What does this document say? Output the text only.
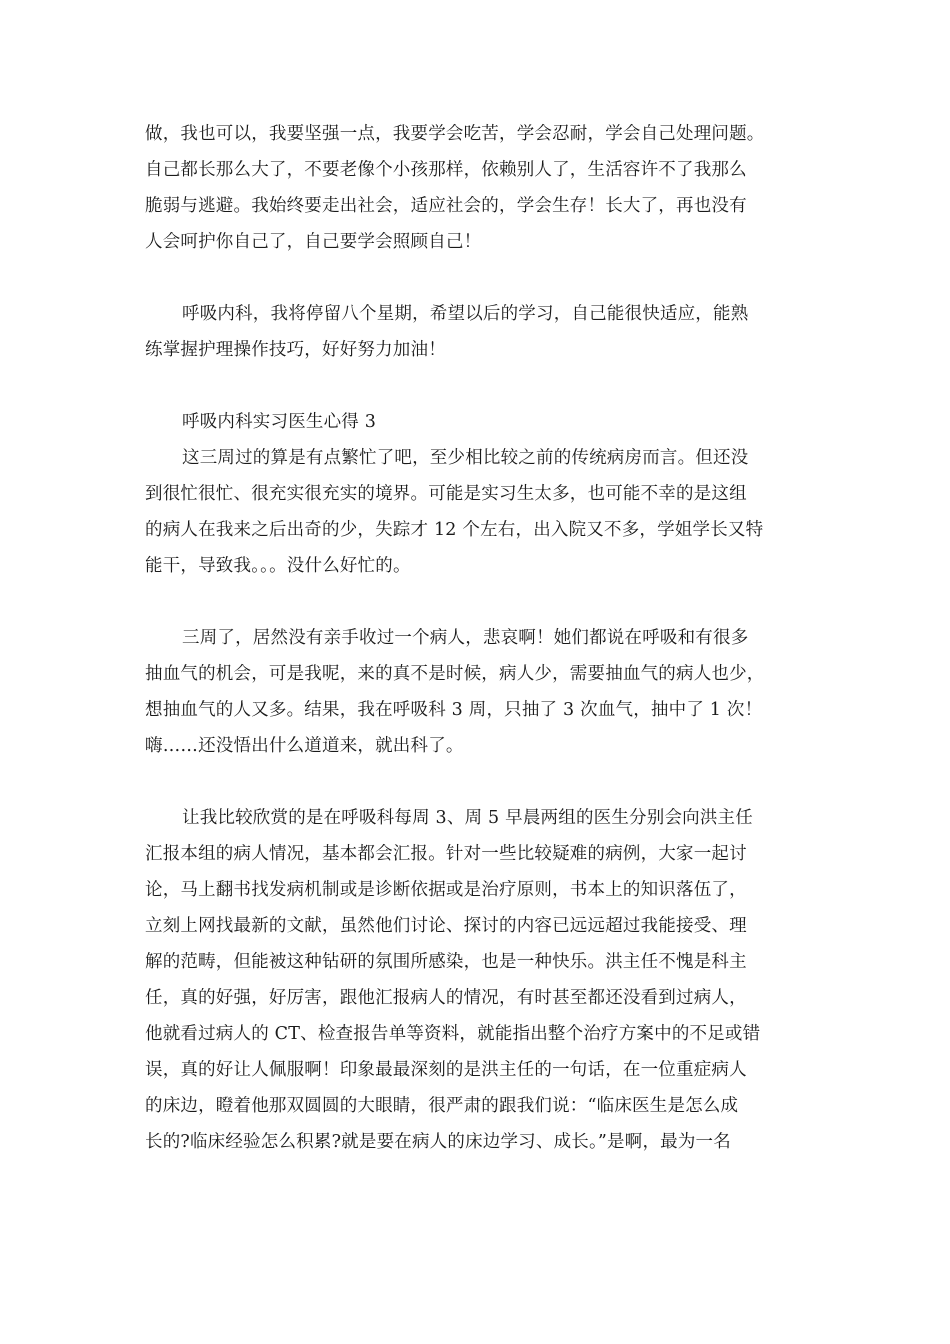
做，我也可以，我要坚强一点，我要学会吃苦，学会忍耐，学会自己处理问题。
自己都长那么大了，不要老像个小孩那样，依赖别人了，生活容许不了我那么
脆弱与逃避。我始终要走出社会，适应社会的，学会生存！长大了，再也没有
人会呵护你自己了，自己要学会照顾自己！
呼吸内科，我将停留八个星期，希望以后的学习，自己能很快适应，能熟
练掌握护理操作技巧，好好努力加油！
呼吸内科实习医生心得 3
这三周过的算是有点繁忙了吧，至少相比较之前的传统病房而言。但还没
到很忙很忙、很充实很充实的境界。可能是实习生太多，也可能不幸的是这组
的病人在我来之后出奇的少，失踪才 12 个左右，出入院又不多，学姐学长又特
能干，导致我。。。没什么好忙的。
三周了，居然没有亲手收过一个病人，悲哀啊！她们都说在呼吸和有很多
抽血气的机会，可是我呢，来的真不是时候，病人少，需要抽血气的病人也少，
想抽血气的人又多。结果，我在呼吸科 3 周，只抽了 3 次血气，抽中了 1 次！
嗨……还没悟出什么道道来，就出科了。
让我比较欣赏的是在呼吸科每周 3、周 5 早晨两组的医生分别会向洪主任
汇报本组的病人情况，基本都会汇报。针对一些比较疑难的病例，大家一起讨
论，马上翻书找发病机制或是诊断依据或是治疗原则，书本上的知识落伍了，
立刻上网找最新的文献，虽然他们讨论、探讨的内容已远远超过我能接受、理
解的范畴，但能被这种钻研的氛围所感染，也是一种快乐。洪主任不愧是科主
任，真的好强，好厉害，跟他汇报病人的情况，有时甚至都还没看到过病人，
他就看过病人的 CT、检查报告单等资料，就能指出整个治疗方案中的不足或错
误，真的好让人佩服啊！印象最最深刻的是洪主任的一句话，在一位重症病人
的床边，瞪着他那双圆圆的大眼睛，很严肃的跟我们说：“临床医生是怎么成
长的?临床经验怎么积累?就是要在病人的床边学习、成长。”是啊，最为一名
